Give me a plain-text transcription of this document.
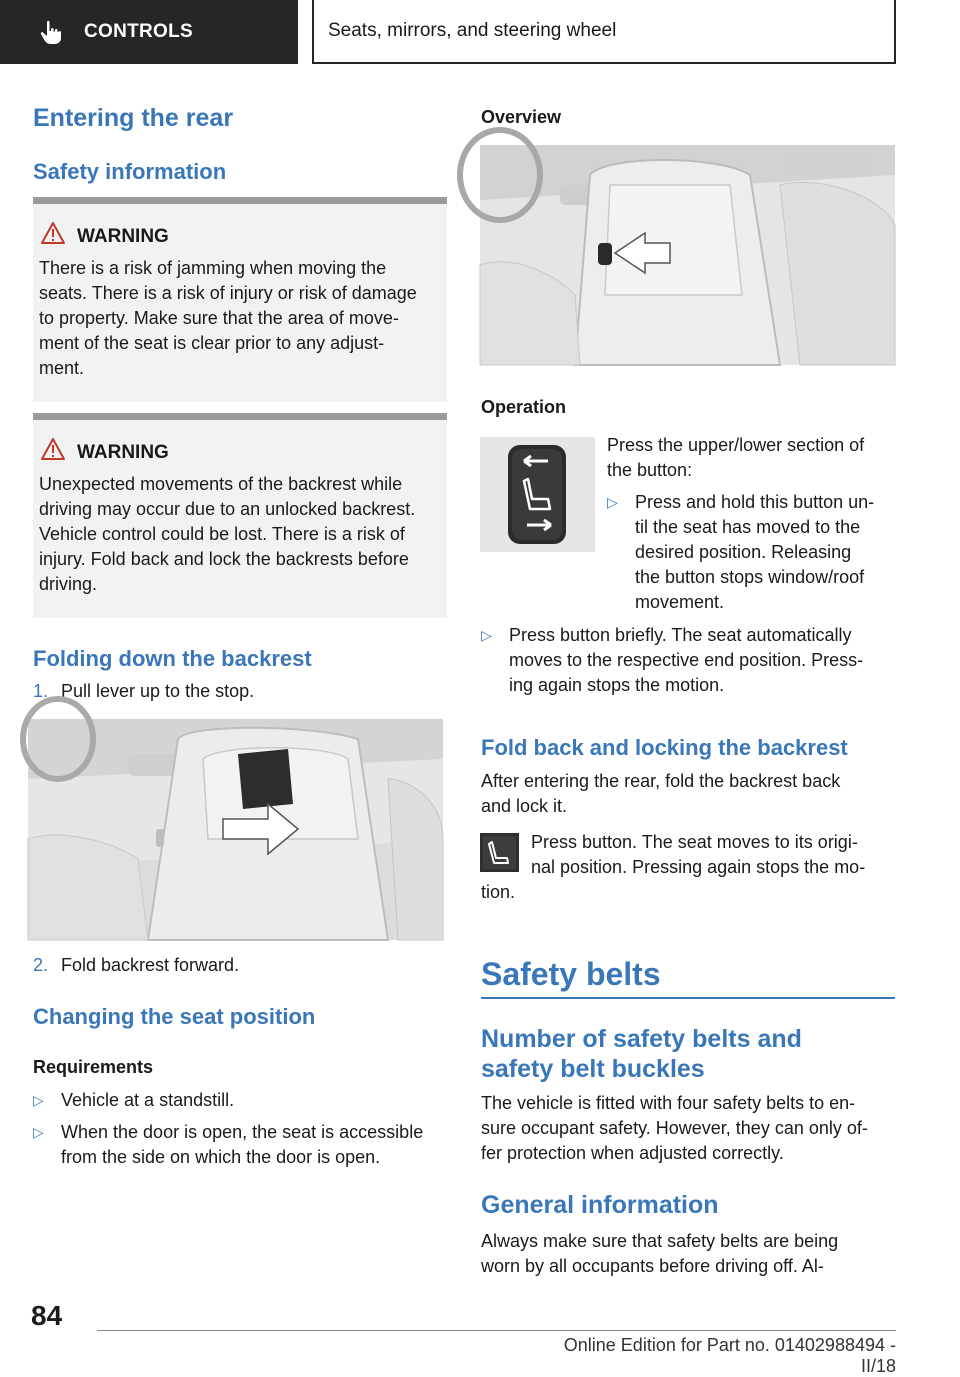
CONTROLS	Seats, mirrors, and steering wheel
Entering the rear
Safety information
WARNING
There is a risk of jamming when moving the
seats. There is a risk of injury or risk of damage
to property. Make sure that the area of move-
ment of the seat is clear prior to any adjust-
ment.
WARNING
Unexpected movements of the backrest while
driving may occur due to an unlocked backrest.
Vehicle control could be lost. There is a risk of
injury. Fold back and lock the backrests before
driving.
Folding down the backrest
1. Pull lever up to the stop.
2. Fold backrest forward.
Changing the seat position
Requirements
▷ Vehicle at a standstill.
▷ When the door is open, the seat is accessible
from the side on which the door is open.
Overview
Operation
Press the upper/lower section of
the button:
▷ Press and hold this button un-
til the seat has moved to the
desired position. Releasing
the button stops window/roof
movement.
▷ Press button briefly. The seat automatically
moves to the respective end position. Press-
ing again stops the motion.
Fold back and locking the backrest
After entering the rear, fold the backrest back
and lock it.
Press button. The seat moves to its origi-
nal position. Pressing again stops the mo-
tion.
Safety belts
Number of safety belts and
safety belt buckles
The vehicle is fitted with four safety belts to en-
sure occupant safety. However, they can only of-
fer protection when adjusted correctly.
General information
Always make sure that safety belts are being
worn by all occupants before driving off. Al-
84
Online Edition for Part no. 01402988494 - II/18
